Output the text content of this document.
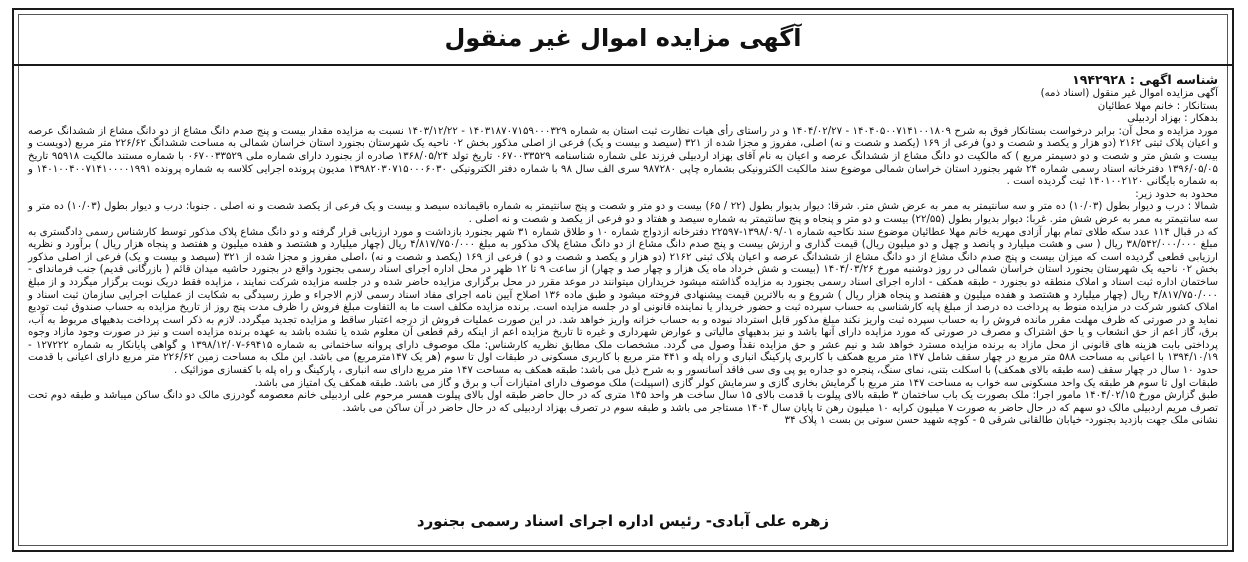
آگهی مزایده اموال غیر منقول

شناسه اگهی : ۱۹۴۲۹۲۸

آگهی مزایده اموال غیر منقول (اسناد ذمه)

بستانکار : خانم مهلا عطائیان

بدهکار : بهزاد اردبیلی

مورد مزایده و محل آن: برابر درخواست بستانکار فوق به شرح ۱۴۰۴۰۵۰۰۷۱۴۱۰۰۱۸۰۹ - ۱۴۰۴/۰۲/۲۷ و در راستای رأی هیات نظارت ثبت استان به شماره ۱۴۰۳۱۸۷۰۷۱۵۹۰۰۰۳۲۹ - ۱۴۰۳/۱۲/۲۲ نسبت به مزایده مقدار بیست و پنج صدم دانگ مشاع از دو دانگ مشاع از ششدانگ عرصه و اعیان پلاک ثبتی ۲۱۶۲ (دو هزار و یکصد و شصت و دو) فرعی از ۱۶۹ (یکصد و شصت و نه) اصلی، مفروز و مجزا شده از ۳۲۱ (سیصد و بیست و یک) فرعی از اصلی مذکور بخش ۰۲ ناحیه یک شهرستان بجنورد استان خراسان شمالی به مساحت ششدانگ ۲۲۶/۶۲ متر مربع (دویست و بیست و شش متر و شصت و دو دسیمتر مربع ) که مالکیت دو دانگ مشاع از ششدانگ عرصه و اعیان به نام آقای بهزاد اردبیلی فرزند علی شماره شناسنامه ۰۶۷۰۰۳۳۵۲۹ تاریخ تولد ۱۳۶۸/۰۵/۲۴ صادره از بجنورد دارای شماره ملی ۰۶۷۰۰۳۳۵۲۹ با شماره مستند مالکیت ۹۵۹۱۸ تاریخ ۱۳۹۶/۰۵/۰۵ دفترخانه اسناد رسمی شماره ۲۴ شهر بجنورد استان خراسان شمالی موضوع سند مالکیت الکترونیکی بشماره چاپی ۹۸۷۲۸۰ سری الف سال ۹۸ با شماره دفتر الکترونیکی ۱۳۹۸۲۰۳۰۷۱۵۰۰۰۶۰۳۰ مدیون پرونده اجرایی کلاسه به شماره پرونده ۱۴۰۱۰۰۴۰۰۷۱۴۱۰۰۰۰۱۹۹۱ و به شماره بایگانی ۱۴۰۱۰۰۲۱۲۰ ثبت گردیده است .

محدود به حدود زیر:

شمالا : درب و دیوار بطول (۱۰/۰۳) ده متر و سه سانتیمتر به ممر به عرض شش متر. شرقا: دیوار بدیوار بطول (۲۲ / ۶۵) بیست و دو متر و شصت و پنج سانتیمتر به شماره باقیمانده سیصد و بیست و یک فرعی از یکصد شصت و نه اصلی . جنوبا: درب و دیوار بطول (۱۰/۰۳) ده متر و سه سانتیمتر به ممر به عرض شش متر. غربا: دیوار بدیوار بطول (۲۲/۵۵) بیست و دو متر و پنجاه و پنج سانتیمتر به شماره سیصد و هفتاد و دو فرعی از یکصد و شصت و نه اصلی .

که در قبال ۱۱۴ عدد سکه طلای تمام بهار آزادی مهریه خانم مهلا عطائیان موضوع سند نکاحیه شماره ۱۳۹۸/۰۹/۰۱-۲۲۵۹۷ دفترخانه ازدواج شماره ۱۰ و طلاق شماره ۳۱ شهر بجنورد بازداشت و مورد ارزیابی قرار گرفته و دو دانگ مشاع پلاک مذکور توسط کارشناس رسمی دادگستری به مبلغ ۳۸/۵۴۲/۰۰۰/۰۰۰ ریال ( سی و هشت میلیارد و پانصد و چهل و دو میلیون ریال) قیمت گذاری و ارزش بیست و پنج صدم دانگ مشاع از دو دانگ مشاع پلاک مذکور به مبلغ ۴/۸۱۷/۷۵۰/۰۰۰ ریال (چهار میلیارد و هشتصد و هفده میلیون و هفتصد و پنجاه هزار ریال ) برآورد و نظریه ارزیابی قطعی گردیده است که میزان بیست و پنج صدم دانگ مشاع از دو دانگ مشاع از ششدانگ عرصه و اعیان پلاک ثبتی ۲۱۶۲ (دو هزار و یکصد و شصت و دو ) فرعی از ۱۶۹ (یکصد و شصت و نه) ،اصلی مفروز و مجزا شده از ۳۲۱ (سیصد و بیست و یک) فرعی از اصلی مذکور بخش ۰۲ ناحیه یک شهرستان بجنورد استان خراسان شمالی در روز دوشنبه مورخ ۱۴۰۴/۰۳/۲۶ (بیست و شش خرداد ماه یک هزار و چهار صد و چهار) از ساعت ۹ تا ۱۲ ظهر در محل اداره اجرای اسناد رسمی بجنورد واقع در بجنورد حاشیه میدان قائم ( بازرگانی قدیم) جنب فرماندای - ساختمان اداره ثبت اسناد و املاک منطقه دو بجنورد - طبقه همکف - اداره اجرای اسناد رسمی بجنورد به مزایده گذاشته میشود خریداران میتوانند در موعد مقرر در محل برگزاری مزایده حاضر شده و در جلسه مزایده شرکت نمایند ، مزایده فقط دریک نوبت برگزار میگردد و از مبلغ ۴/۸۱۷/۷۵۰/۰۰۰ ریال (چهار میلیارد و هشتصد و هفده میلیون و هفتصد و پنجاه هزار ریال ) شروع و به بالاترین قیمت پیشنهادی فروخته میشود و طبق ماده ۱۳۶ اصلاح آیین نامه اجرای مفاد اسناد رسمی لازم الاجراء و طرز رسیدگی به شکایت از عملیات اجرایی سازمان ثبت اسناد و املاک کشور شرکت در مزایده منوط به پرداخت ده درصد از مبلغ پایه کارشناسی به حساب سپرده ثبت و حضور خریدار یا نماینده قانونی او در جلسه مزایده است. برنده مزایده مکلف است ما به التفاوت مبلغ فروش را ظرف مدت پنج روز از تاریخ مزایده به حساب صندوق ثبت تودیع نماید و در صورتی که ظرف مهلت مقرر مانده فروش را به حساب سپرده ثبت واریز نکند مبلغ مذکور قابل استرداد نبوده و به حساب خزانه واریز خواهد شد. در این صورت عملیات فروش از درجه اعتبار ساقط و مزایده تجدید میگردد. لازم به ذکر است پرداخت بدهیهای مربوط به آب، برق، گاز اعم از حق انشعاب و یا حق اشتراک و مصرف در صورتی که مورد مزایده دارای آنها باشد و نیز بدهیهای مالیاتی و عوارض شهرداری و غیره تا تاریخ مزایده اعم از اینکه رقم قطعی آن معلوم شده یا نشده باشد به عهده برنده مزایده است و نیز در صورت وجود مازاد وجوه پرداختی بابت هزینه های قانونی از محل مازاد به برنده مزایده مسترد خواهد شد و نیم عشر و حق مزایده نقداً وصول می گردد. مشخصات ملک مطابق نظریه کارشناس: ملک موصوف دارای پروانه ساختمانی به شماره ۶۹۴۱۵-۱۳۹۸/۱۲/۰۷ و گواهی پایانکار به شماره ۱۲۷۲۲۲ - ۱۳۹۴/۱۰/۱۹ با اعیانی به مساحت ۵۸۸ متر مربع در چهار سقف شامل ۱۴۷ متر مربع همکف با کاربری پارکینگ انباری و راه پله و ۴۴۱ متر مربع با کاربری مسکونی در طبقات اول تا سوم (هر یک ۱۴۷مترمربع) می باشد. این ملک به مساحت زمین ۲۲۶/۶۲ متر مربع دارای اعیانی با قدمت حدود ۱۰ سال در چهار سقف (سه طبقه بالای همکف) با اسکلت بتنی، نمای سنگ، پنجره دو جداره یو پی وی سی فاقد آسانسور و به شرح ذیل می باشد: طبقه همکف به مساحت ۱۴۷ متر مربع دارای سه انباری ، پارکینگ و راه پله با کفسازی موزائیک .

طبقات اول تا سوم هر طبقه یک واحد مسکونی سه خواب به مساحت ۱۴۷ متر مربع با گرمایش بخاری گازی و سرمایش کولر گازی (اسپیلت) ملک موصوف دارای امتیازات آب و برق و گاز می باشد. طبقه همکف یک امتیاز می باشد.

طبق گزارش مورخ ۱۴۰۴/۰۲/۱۵ مامور اجرا: ملک بصورت یک باب ساختمان ۳ طبقه بالای پیلوت با قدمت بالای ۱۵ سال ساخت هر واحد ۱۴۵ متری که در حال حاضر طبقه اول بالای پیلوت همسر مرحوم علی اردبیلی خانم معصومه گودرزی مالک دو دانگ ساکن میباشد و طبقه دوم تحت تصرف مریم اردبیلی مالک دو سهم که در حال حاضر به صورت ۷ میلیون کرایه ۱۰ میلیون رهن تا پایان سال ۱۴۰۴ مستاجر می باشد و طبقه سوم در تصرف بهزاد اردبیلی که در حال حاضر در آن ساکن می باشد.

نشانی ملک جهت بازدید بجنورد- خیابان طالقانی شرقی ۵ - کوچه شهید حسن سوتی بن بست ۱ پلاک ۳۴

زهره علی آبادی- رئیس اداره اجرای اسناد رسمی بجنورد
